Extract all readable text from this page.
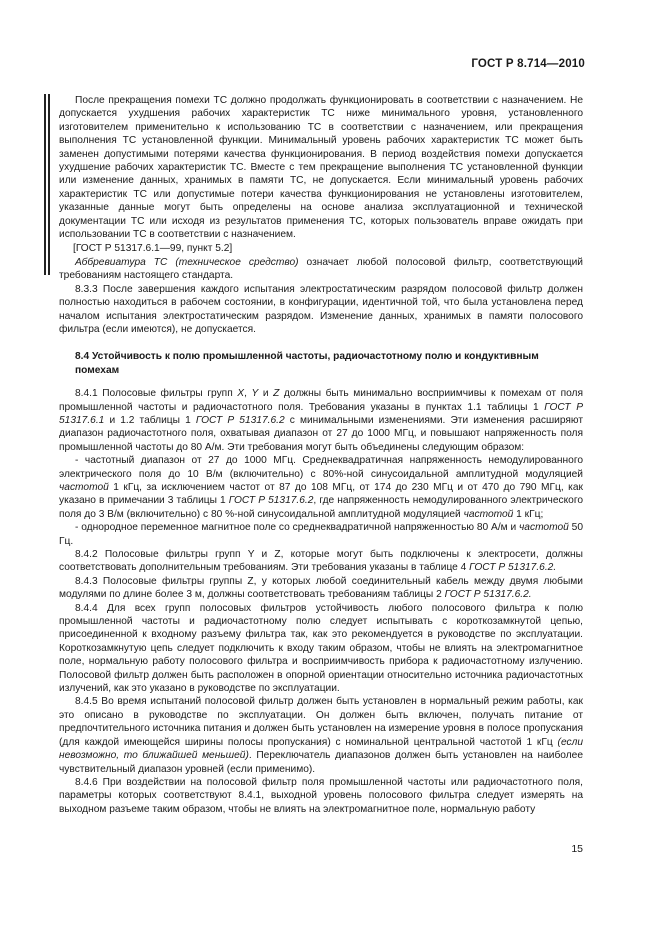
ГОСТ Р 8.714—2010

После прекращения помехи ТС должно продолжать функционировать в соответствии с назначением. Не допускается ухудшения рабочих характеристик ТС ниже минимального уровня, установленного изготовителем применительно к использованию ТС в соответствии с назначением, или прекращения выполнения ТС установленной функции. Минимальный уровень рабочих характеристик ТС может быть заменен допустимыми потерями качества функционирования. В период воздействия помехи допускается ухудшение рабочих характеристик ТС. Вместе с тем прекращение выполнения ТС установленной функции или изменение данных, хранимых в памяти ТС, не допускается. Если минимальный уровень рабочих характеристик ТС или допустимые потери качества функционирования не установлены изготовителем, указанные данные могут быть определены на основе анализа эксплуатационной и технической документации ТС или исходя из результатов применения ТС, которых пользователь вправе ожидать при использовании ТС в соответствии с назначением.

[ГОСТ Р 51317.6.1—99, пункт 5.2]

Аббревиатура ТС (техническое средство) означает любой полосовой фильтр, соответствующий требованиям настоящего стандарта.

8.3.3 После завершения каждого испытания электростатическим разрядом полосовой фильтр должен полностью находиться в рабочем состоянии, в конфигурации, идентичной той, что была установлена перед началом испытания электростатическим разрядом. Изменение данных, хранимых в памяти полосового фильтра (если имеются), не допускается.

8.4 Устойчивость к полю промышленной частоты, радиочастотному полю и кондуктивным помехам

8.4.1 Полосовые фильтры групп X, Y и Z должны быть минимально восприимчивы к помехам от поля промышленной частоты и радиочастотного поля. Требования указаны в пунктах 1.1 таблицы 1 ГОСТ Р 51317.6.1 и 1.2 таблицы 1 ГОСТ Р 51317.6.2 с минимальными изменениями. Эти изменения расширяют диапазон радиочастотного поля, охватывая диапазон от 27 до 1000 МГц, и повышают напряженность поля промышленной частоты до 80 А/м. Эти требования могут быть объединены следующим образом:

- частотный диапазон от 27 до 1000 МГц. Среднеквадратичная напряженность немодулированного электрического поля до 10 В/м (включительно) с 80%-ной синусоидальной амплитудной модуляцией частотой 1 кГц, за исключением частот от 87 до 108 МГц, от 174 до 230 МГц и от 470 до 790 МГц, как указано в примечании 3 таблицы 1 ГОСТ Р 51317.6.2, где напряженность немодулированного электрического поля до 3 В/м (включительно) с 80 %-ной синусоидальной амплитудной модуляцией частотой 1 кГц;

- однородное переменное магнитное поле со среднеквадратичной напряженностью 80 А/м и частотой 50 Гц.

8.4.2 Полосовые фильтры групп Y и Z, которые могут быть подключены к электросети, должны соответствовать дополнительным требованиям. Эти требования указаны в таблице 4 ГОСТ Р 51317.6.2.

8.4.3 Полосовые фильтры группы Z, у которых любой соединительный кабель между двумя любыми модулями по длине более 3 м, должны соответствовать требованиям таблицы 2 ГОСТ Р 51317.6.2.

8.4.4 Для всех групп полосовых фильтров устойчивость любого полосового фильтра к полю промышленной частоты и радиочастотному полю следует испытывать с короткозамкнутой цепью, присоединенной к входному разъему фильтра так, как это рекомендуется в руководстве по эксплуатации. Короткозамкнутую цепь следует подключить к входу таким образом, чтобы не влиять на электромагнитное поле, нормальную работу полосового фильтра и восприимчивость прибора к радиочастотному излучению. Полосовой фильтр должен быть расположен в опорной ориентации относительно источника радиочастотных излучений, как это указано в руководстве по эксплуатации.

8.4.5 Во время испытаний полосовой фильтр должен быть установлен в нормальный режим работы, как это описано в руководстве по эксплуатации. Он должен быть включен, получать питание от предпочтительного источника питания и должен быть установлен на измерение уровня в полосе пропускания (для каждой имеющейся ширины полосы пропускания) с номинальной центральной частотой 1 кГц (если невозможно, то ближайшей меньшей). Переключатель диапазонов должен быть установлен на наиболее чувствительный диапазон уровней (если применимо).

8.4.6 При воздействии на полосовой фильтр поля промышленной частоты или радиочастотного поля, параметры которых соответствуют 8.4.1, выходной уровень полосового фильтра следует измерять на выходном разъеме таким образом, чтобы не влиять на электромагнитное поле, нормальную работу

15
